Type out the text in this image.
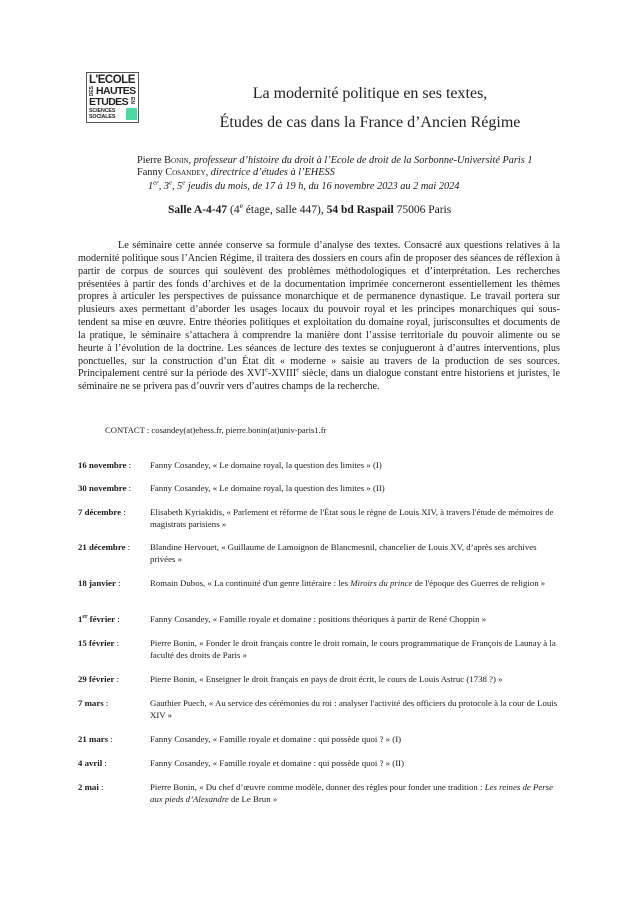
L'ECOLE
DES HAUTES
ETUDES EN
SCIENCES
SOCIALES
La modernité politique en ses textes,
Études de cas dans la France d’Ancien Régime
Pierre Bonin, professeur d’histoire du droit à l’Ecole de droit de la Sorbonne-Université Paris 1
Fanny Cosandey, directrice d’études à l’EHESS
1er, 3e, 5e jeudis du mois, de 17 à 19 h, du 16 novembre 2023 au 2 mai 2024
Salle A-4-47 (4e étage, salle 447), 54 bd Raspail 75006 Paris

Le séminaire cette année conserve sa formule d’analyse des textes. Consacré aux questions relatives à la modernité politique sous l’Ancien Régime, il traitera des dossiers en cours afin de proposer des séances de réflexion à partir de corpus de sources qui soulèvent des problèmes méthodologiques et d’interprétation. Les recherches présentées à partir des fonds d’archives et de la documentation imprimée concerneront essentiellement les thèmes propres à articuler les perspectives de puissance monarchique et de permanence dynastique. Le travail portera sur plusieurs axes permettant d’aborder les usages locaux du pouvoir royal et les principes monarchiques qui sous-tendent sa mise en œuvre. Entre théories politiques et exploitation du domaine royal, jurisconsultes et documents de la pratique, le séminaire s’attachera à comprendre la manière dont l’assise territoriale du pouvoir alimente ou se heurte à l’évolution de la doctrine. Les séances de lecture des textes se conjugueront à d’autres interventions, plus ponctuelles, sur la construction d’un État dit « moderne » saisie au travers de la production de ses sources. Principalement centré sur la période des XVIe-XVIIIe siècle, dans un dialogue constant entre historiens et juristes, le séminaire ne se privera pas d’ouvrir vers d’autres champs de la recherche.

CONTACT : cosandey(at)ehess.fr, pierre.bonin(at)univ-paris1.fr
16 novembre : Fanny Cosandey, « Le domaine royal, la question des limites » (I)
30 novembre : Fanny Cosandey, « Le domaine royal, la question des limites » (II)
7 décembre :	Elisabeth Kyriakidis, « Parlement et réforme de l'État sous le règne de Louis XIV, à travers l'étude de mémoires de magistrats parisiens »
21 décembre : Blandine Hervouet, « Guillaume de Lamoignon de Blancmesnil, chancelier de Louis XV, d’après ses archives privées »
18 janvier :	Romain Dubos, « La continuité d'un genre littéraire : les Miroirs du prince de l'époque des Guerres de religion »
1er février :	Fanny Cosandey, « Famille royale et domaine : positions théoriques à partir de René Choppin »
15 février :	Pierre Bonin, « Fonder le droit français contre le droit romain, le cours programmatique de François de Launay à la faculté des droits de Paris »
29 février :	Pierre Bonin, « Enseigner le droit français en pays de droit écrit, le cours de Louis Astruc (1738 ?) »
7 mars :	Gauthier Puech, « Au service des cérémonies du roi : analyser l'activité des officiers du protocole à la cour de Louis XIV »
21 mars :	Fanny Cosandey, « Famille royale et domaine : qui possède quoi ? » (I)
4 avril :	Fanny Cosandey, « Famille royale et domaine : qui possède quoi ? » (II)
2 mai :	Pierre Bonin, « Du chef d’œuvre comme modèle, donner des règles pour fonder une tradition : Les reines de Perse aux pieds d’Alexandre de Le Brun »
